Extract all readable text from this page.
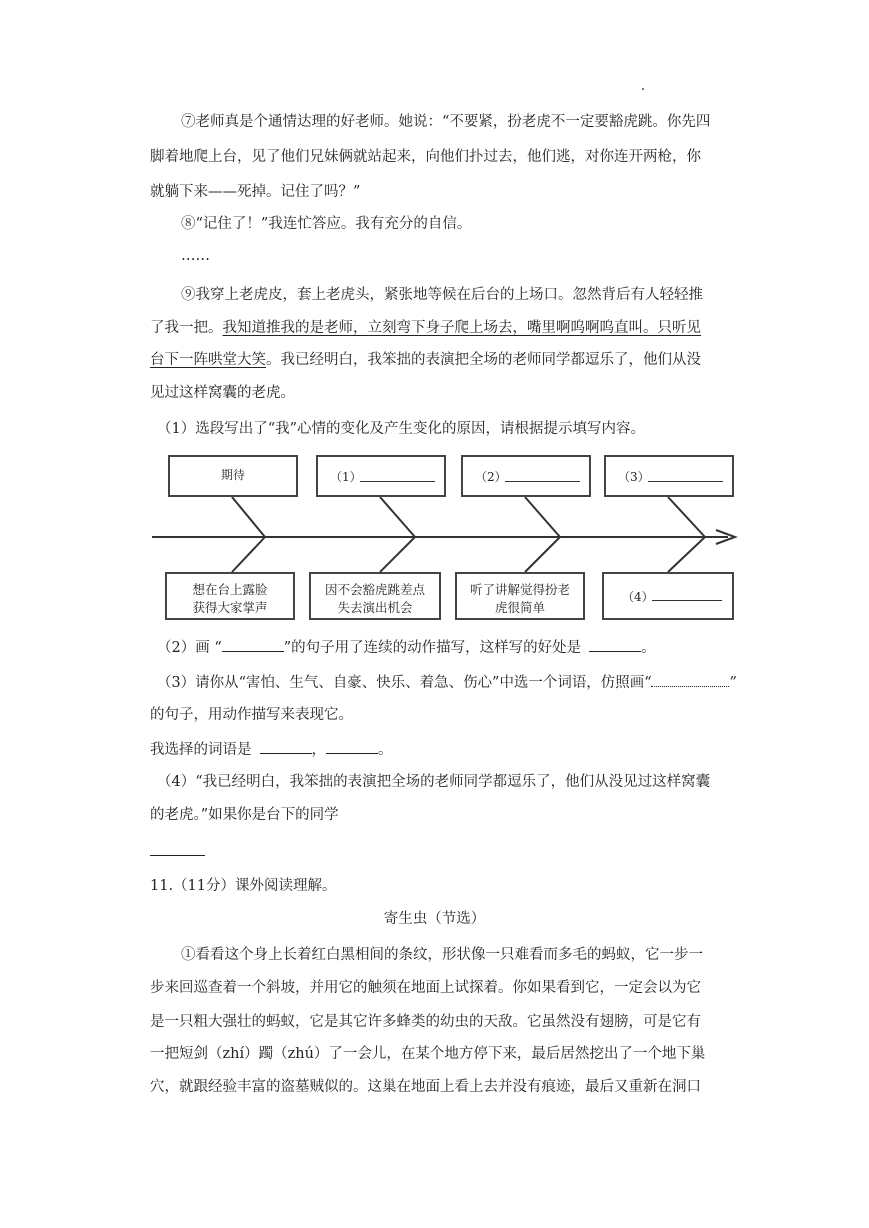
⑦老师真是个通情达理的好老师。她说：“不要紧，扮老虎不一定要豁虎跳。你先四
脚着地爬上台，见了他们兄妹俩就站起来，向他们扑过去，他们逃，对你连开两枪，你
就躺下来——死掉。记住了吗？”
⑧“记住了！”我连忙答应。我有充分的自信。
……
⑨我穿上老虎皮，套上老虎头，紧张地等候在后台的上场口。忽然背后有人轻轻推
了我一把。我知道推我的是老师，立刻弯下身子爬上场去，嘴里啊呜啊呜直叫。只听见
台下一阵哄堂大笑。我已经明白，我笨拙的表演把全场的老师同学都逗乐了，他们从没
见过这样窝囊的老虎。
（1）选段写出了“我”心情的变化及产生变化的原因，请根据提示填写内容。
期待	（1）	（2）	（3）
想在台上露脸
获得大家掌声
因不会豁虎跳差点
失去演出机会
听了讲解觉得扮老
虎很简单
（4）
（2）画 “	”的句子用了连续的动作描写，这样写的好处是	。
（3）请你从“害怕、生气、自豪、快乐、着急、伤心”中选一个词语，仿照画“	”
的句子，用动作描写来表现它。
我选择的词语是	，	。
（4）“我已经明白，我笨拙的表演把全场的老师同学都逗乐了，他们从没见过这样窝囊
的老虎。”如果你是台下的同学
11.（11分）课外阅读理解。
寄生虫（节选）
①看看这个身上长着红白黑相间的条纹，形状像一只难看而多毛的蚂蚁，它一步一
步来回巡查着一个斜坡，并用它的触须在地面上试探着。你如果看到它，一定会以为它
是一只粗大强壮的蚂蚁，它是其它许多蜂类的幼虫的天敌。它虽然没有翅膀，可是它有
一把短剑（zhí）躅（zhú）了一会儿，在某个地方停下来，最后居然挖出了一个地下巢
穴，就跟经验丰富的盗墓贼似的。这巢在地面上看上去并没有痕迹，最后又重新在洞口
